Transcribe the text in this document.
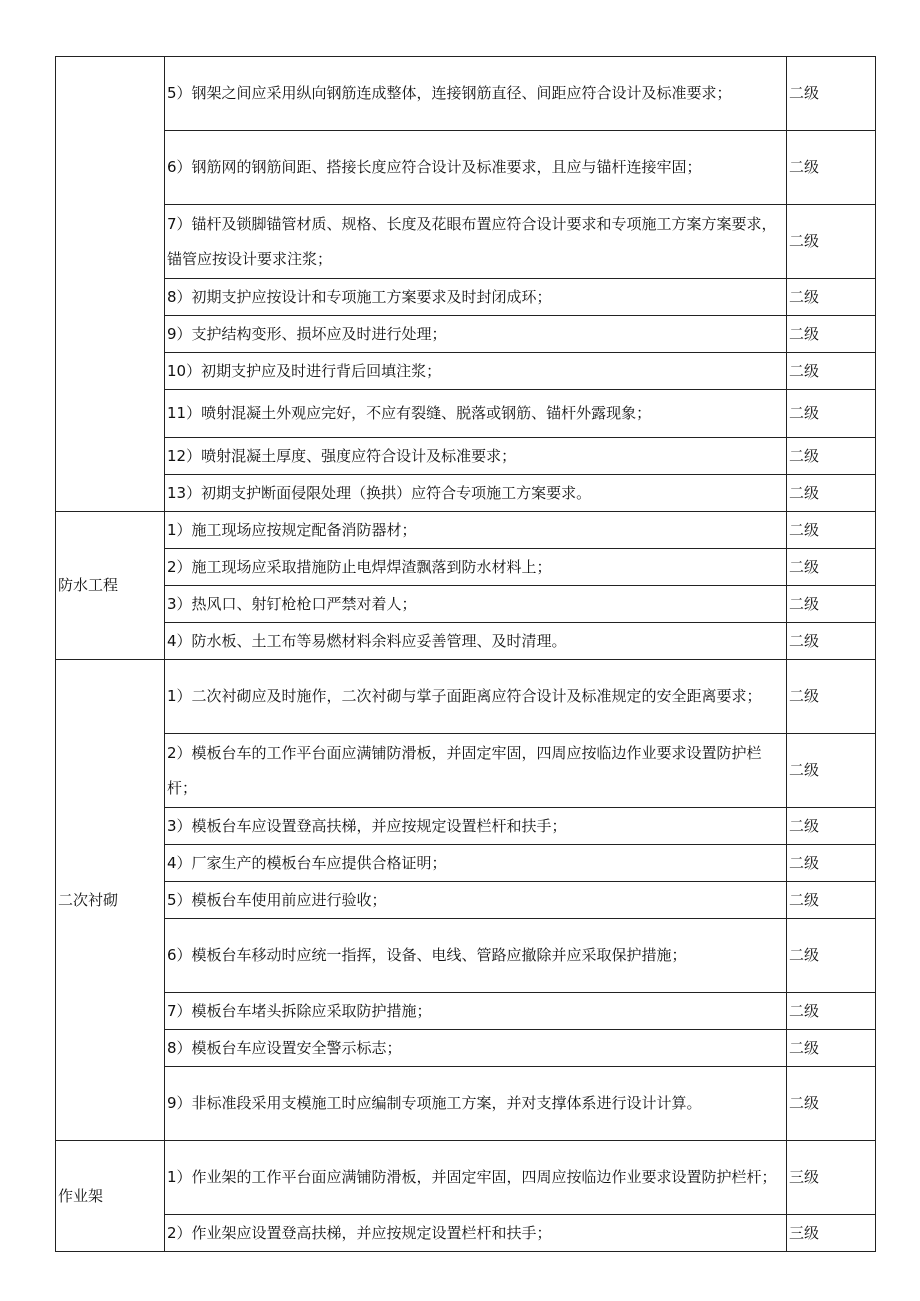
	5）钢架之间应采用纵向钢筋连成整体，连接钢筋直径、间距应符合设计及标准要求；	二级
	6）钢筋网的钢筋间距、搭接长度应符合设计及标准要求，且应与锚杆连接牢固；	二级
	7）锚杆及锁脚锚管材质、规格、长度及花眼布置应符合设计要求和专项施工方案方案要求，锚管应按设计要求注浆；	二级
	8）初期支护应按设计和专项施工方案要求及时封闭成环；	二级
	9）支护结构变形、损坏应及时进行处理；	二级
	10）初期支护应及时进行背后回填注浆；	二级
	11）喷射混凝土外观应完好，不应有裂缝、脱落或钢筋、锚杆外露现象；	二级
	12）喷射混凝土厚度、强度应符合设计及标准要求；	二级
	13）初期支护断面侵限处理（换拱）应符合专项施工方案要求。	二级
防水工程	1）施工现场应按规定配备消防器材；	二级
	2）施工现场应采取措施防止电焊焊渣飘落到防水材料上；	二级
	3）热风口、射钉枪枪口严禁对着人；	二级
	4）防水板、土工布等易燃材料余料应妥善管理、及时清理。	二级
二次衬砌	1）二次衬砌应及时施作，二次衬砌与掌子面距离应符合设计及标准规定的安全距离要求；	二级
	2）模板台车的工作平台面应满铺防滑板，并固定牢固，四周应按临边作业要求设置防护栏杆；	二级
	3）模板台车应设置登高扶梯，并应按规定设置栏杆和扶手；	二级
	4）厂家生产的模板台车应提供合格证明；	二级
	5）模板台车使用前应进行验收；	二级
	6）模板台车移动时应统一指挥，设备、电线、管路应撤除并应采取保护措施；	二级
	7）模板台车堵头拆除应采取防护措施；	二级
	8）模板台车应设置安全警示标志；	二级
	9）非标准段采用支模施工时应编制专项施工方案，并对支撑体系进行设计计算。	二级
作业架	1）作业架的工作平台面应满铺防滑板，并固定牢固，四周应按临边作业要求设置防护栏杆；	三级
	2）作业架应设置登高扶梯，并应按规定设置栏杆和扶手；	三级
